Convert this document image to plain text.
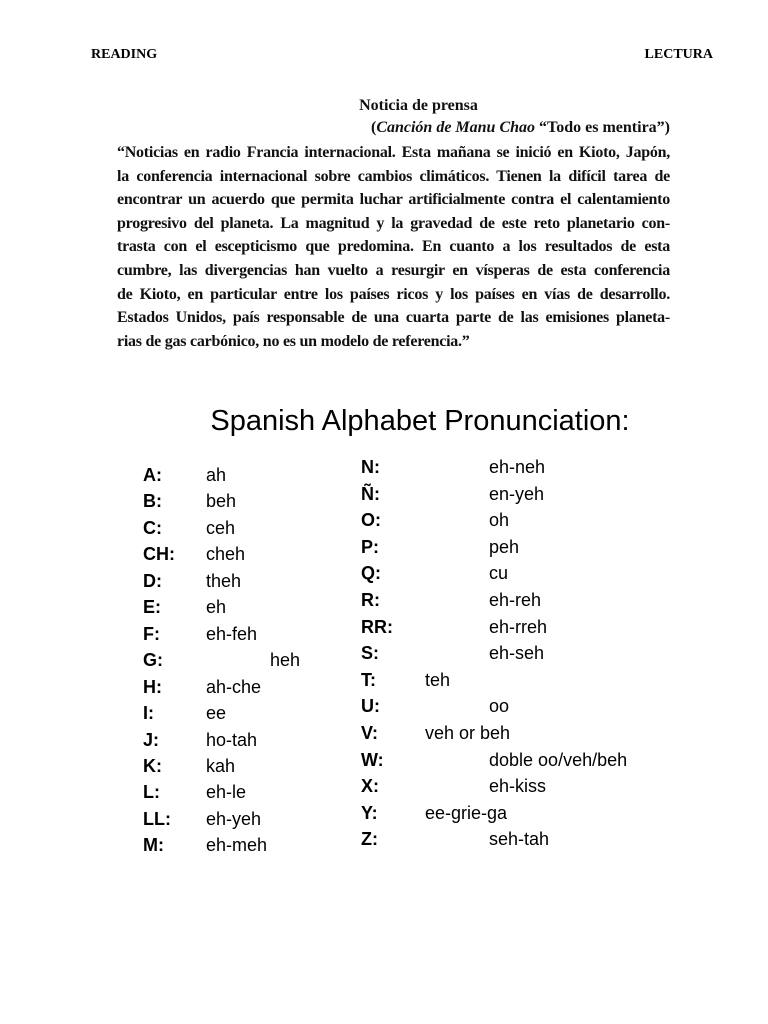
READING	LECTURA
Noticia de prensa
(Canción de Manu Chao “Todo es mentira”)
“Noticias en radio Francia internacional. Esta mañana se inició en Kioto, Japón,
la conferencia internacional sobre cambios climáticos. Tienen la difícil tarea de
encontrar un acuerdo que permita luchar artificialmente contra el calentamiento
progresivo del planeta. La magnitud y la gravedad de este reto planetario con-
trasta con el escepticismo que predomina. En cuanto a los resultados de esta
cumbre, las divergencias han vuelto a resurgir en vísperas de esta conferencia
de Kioto, en particular entre los países ricos y los países en vías de desarrollo.
Estados Unidos, país responsable de una cuarta parte de las emisiones planeta-
rias de gas carbónico, no es un modelo de referencia.”
Spanish Alphabet Pronunciation:
A: ah
B: beh
C: ceh
CH: cheh
D: theh
E:	eh
F:	eh-feh
G:	heh
H: ah-che
I:	ee
J:	ho-tah
K: kah
L:	eh-le
LL: eh-yeh
M: eh-meh
N:	eh-neh
Ñ:	en-yeh
O:	oh
P:	peh
Q:	cu
R:	eh-reh
RR:	eh-rreh
S:	eh-seh
T:	teh
U:	oo
V:	veh or beh
W:	doble oo/veh/beh
X:	eh-kiss
Y:	ee-grie-ga
Z:	seh-tah
